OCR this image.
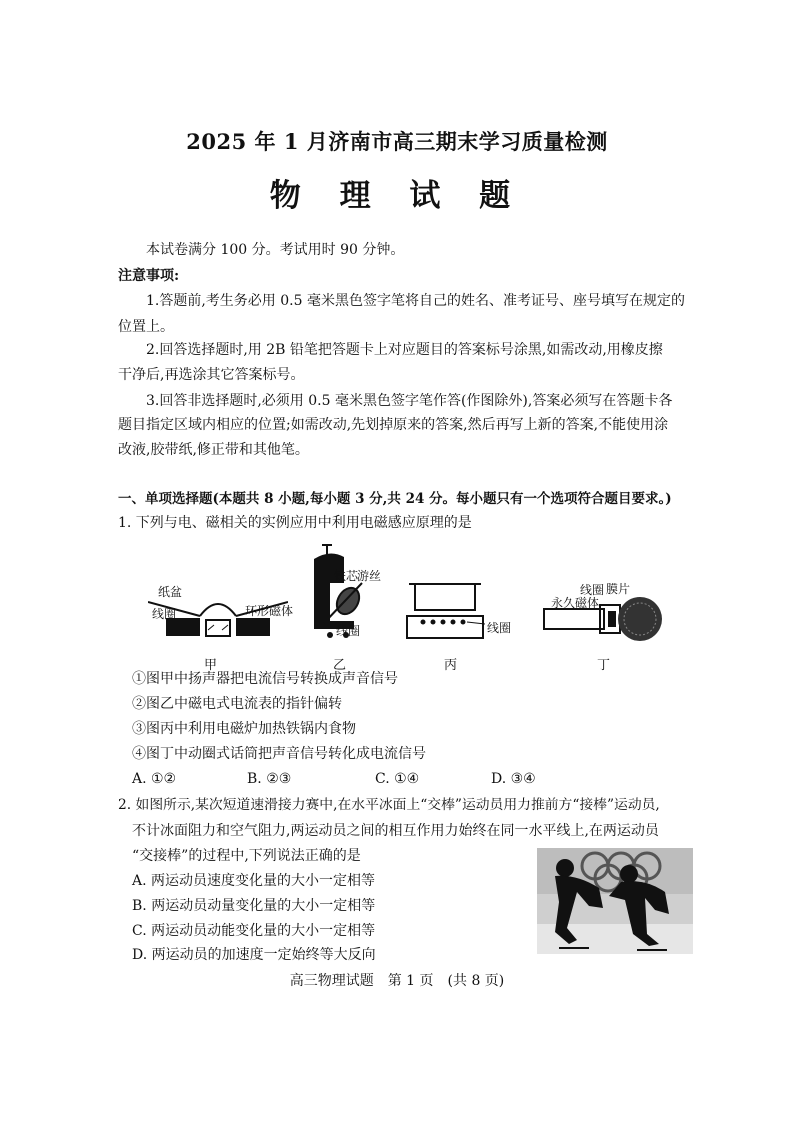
2025 年 1 月济南市高三期末学习质量检测
物 理 试 题
本试卷满分 100 分。考试用时 90 分钟。
注意事项:
1.答题前,考生务必用 0.5 毫米黑色签字笔将自己的姓名、准考证号、座号填写在规定的
位置上。
2.回答选择题时,用 2B 铅笔把答题卡上对应题目的答案标号涂黑,如需改动,用橡皮擦
干净后,再选涂其它答案标号。
3.回答非选择题时,必须用 0.5 毫米黑色签字笔作答(作图除外),答案必须写在答题卡各
题目指定区域内相应的位置;如需改动,先划掉原来的答案,然后再写上新的答案,不能使用涂
改液,胶带纸,修正带和其他笔。
一、单项选择题(本题共 8 小题,每小题 3 分,共 24 分。每小题只有一个选项符合题目要求。)
1. 下列与电、磁相关的实例应用中利用电磁感应原理的是
纸盆
线圈	环形磁体
甲
铁芯
游丝
线圈
乙
线圈
丙
线圈 膜片
永久磁体
丁
①图甲中扬声器把电流信号转换成声音信号
②图乙中磁电式电流表的指针偏转
③图丙中利用电磁炉加热铁锅内食物
④图丁中动圈式话筒把声音信号转化成电流信号
A. ①②	B. ②③	C. ①④	D. ③④
2. 如图所示,某次短道速滑接力赛中,在水平冰面上“交棒”运动员用力推前方“接棒”运动员,
不计冰面阻力和空气阻力,两运动员之间的相互作用力始终在同一水平线上,在两运动员
“交接棒”的过程中,下列说法正确的是
A. 两运动员速度变化量的大小一定相等
B. 两运动员动量变化量的大小一定相等
C. 两运动员动能变化量的大小一定相等
D. 两运动员的加速度一定始终等大反向
高三物理试题　第 1 页　(共 8 页)
